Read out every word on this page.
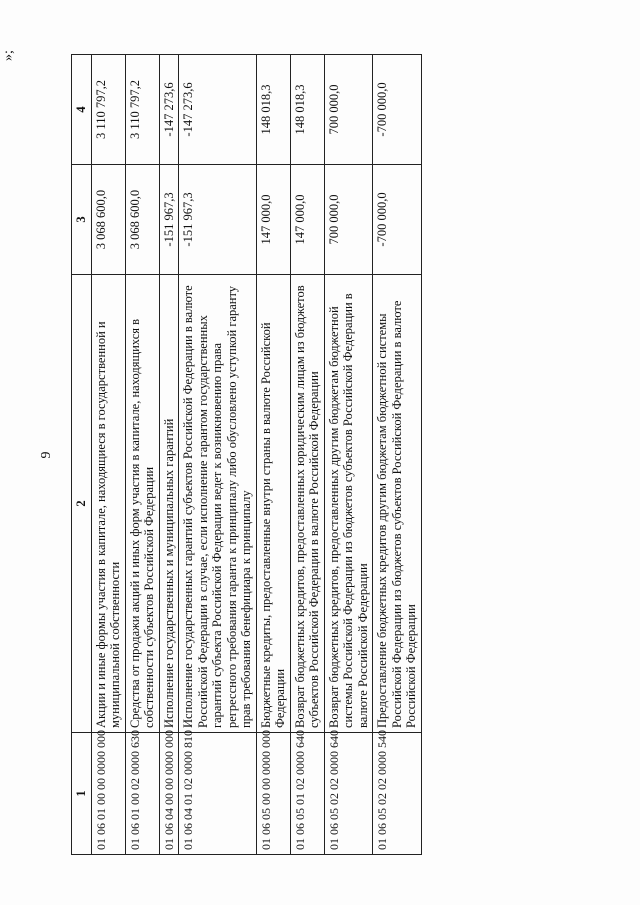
9
»;
1	2	3	4
01 06 01 00 00 0000 000	Акции и иные формы участия в капитале, находящиеся в государственной и муниципальной собственности	3 068 600,0	3 110 797,2
01 06 01 00 02 0000 630	Средства от продажи акций и иных форм участия в капитале, находящихся в собственности субъектов Российской Федерации	3 068 600,0	3 110 797,2
01 06 04 00 00 0000 000	Исполнение государственных и муниципальных гарантий	-151 967,3	-147 273,6
01 06 04 01 02 0000 810	Исполнение государственных гарантий субъектов Российской Федерации в валюте Российской Федерации в случае, если исполнение гарантом государственных гарантий субъекта Российской Федерации ведет к возникновению права регрессного требования гаранта к принципалу либо обусловлено уступкой гаранту прав требования бенефициара к принципалу	-151 967,3	-147 273,6
01 06 05 00 00 0000 000	Бюджетные кредиты, предоставленные внутри страны в валюте Российской Федерации	147 000,0	148 018,3
01 06 05 01 02 0000 640	Возврат бюджетных кредитов, предоставленных юридическим лицам из бюджетов субъектов Российской Федерации в валюте Российской Федерации	147 000,0	148 018,3
01 06 05 02 02 0000 640	Возврат бюджетных кредитов, предоставленных другим бюджетам бюджетной системы Российской Федерации из бюджетов субъектов Российской Федерации в валюте Российской Федерации	700 000,0	700 000,0
01 06 05 02 02 0000 540	Предоставление бюджетных кредитов другим бюджетам бюджетной системы Российской Федерации из бюджетов субъектов Российской Федерации в валюте Российской Федерации	-700 000,0	-700 000,0
